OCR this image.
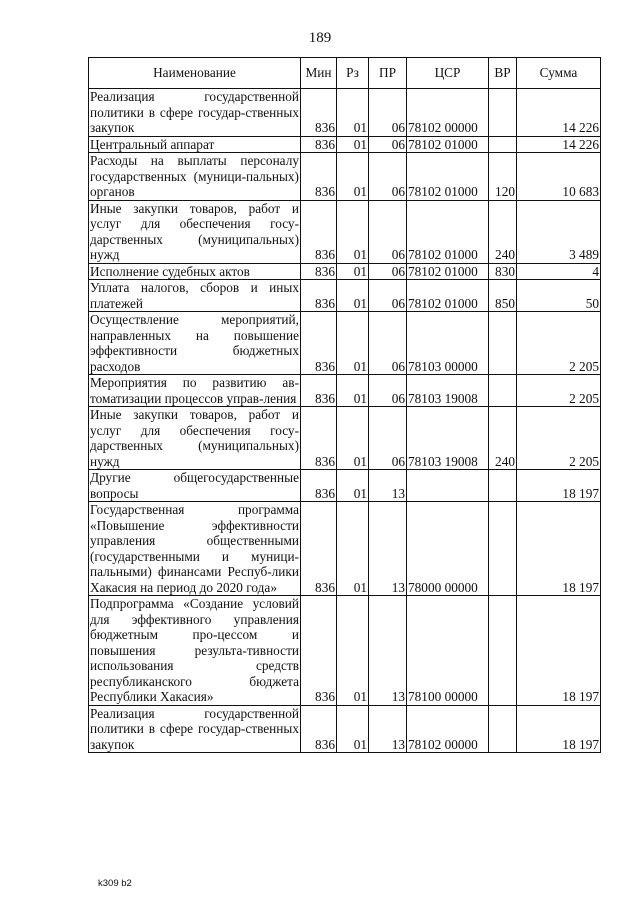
189
Наименование	Мин	Рз	ПР	ЦСР	ВР	Сумма
Реализация государственной политики в сфере государ-ственных закупок	836	01	06	78102 00000		14 226
Центральный аппарат	836	01	06	78102 01000		14 226
Расходы на выплаты персоналу государственных (муници-пальных) органов	836	01	06	78102 01000	120	10 683
Иные закупки товаров, работ и услуг для обеспечения госу-дарственных (муниципальных) нужд	836	01	06	78102 01000	240	3 489
Исполнение судебных актов	836	01	06	78102 01000	830	4
Уплата налогов, сборов и иных платежей	836	01	06	78102 01000	850	50
Осуществление мероприятий, направленных на повышение эффективности бюджетных расходов	836	01	06	78103 00000		2 205
Мероприятия по развитию ав-томатизации процессов управ-ления	836	01	06	78103 19008		2 205
Иные закупки товаров, работ и услуг для обеспечения госу-дарственных (муниципальных) нужд	836	01	06	78103 19008	240	2 205
Другие общегосударственные вопросы	836	01	13			18 197
Государственная программа «Повышение эффективности управления общественными (государственными и муници-пальными) финансами Респуб-лики Хакасия на период до 2020 года»	836	01	13	78000 00000		18 197
Подпрограмма «Создание условий для эффективного управления бюджетным про-цессом и повышения результа-тивности использования средств республиканского бюджета Республики Хакасия»	836	01	13	78100 00000		18 197
Реализация государственной политики в сфере государ-ственных закупок	836	01	13	78102 00000		18 197
k309 b2
